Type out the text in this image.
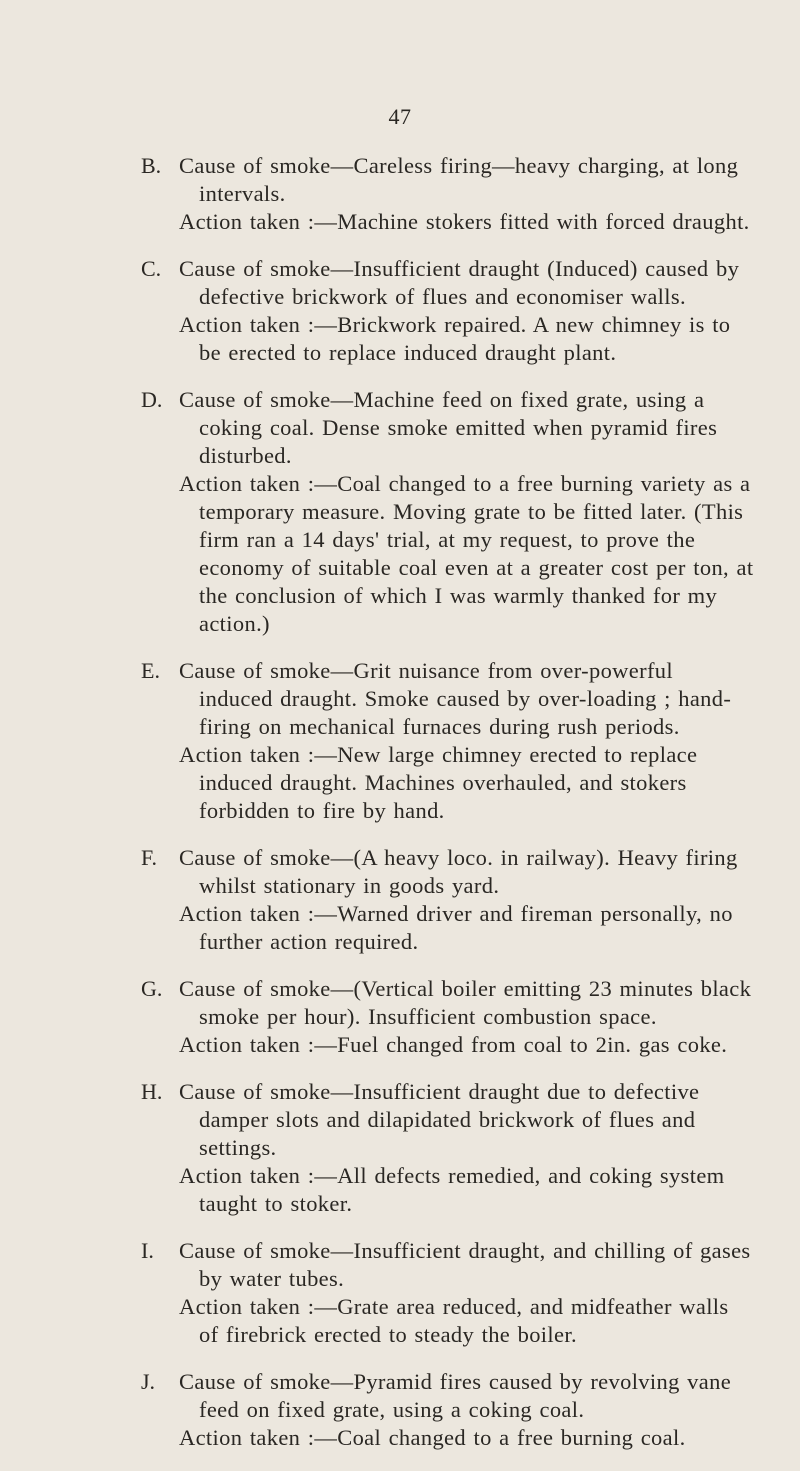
47
B. Cause of smoke—Careless firing—heavy charging, at long intervals.
Action taken :—Machine stokers fitted with forced draught.
C. Cause of smoke—Insufficient draught (Induced) caused by defective brickwork of flues and economiser walls.
Action taken :—Brickwork repaired. A new chimney is to be erected to replace induced draught plant.
D. Cause of smoke—Machine feed on fixed grate, using a coking coal. Dense smoke emitted when pyramid fires disturbed.
Action taken :—Coal changed to a free burning variety as a temporary measure. Moving grate to be fitted later. (This firm ran a 14 days' trial, at my request, to prove the economy of suitable coal even at a greater cost per ton, at the conclusion of which I was warmly thanked for my action.)
E. Cause of smoke—Grit nuisance from over-powerful induced draught. Smoke caused by over-loading ; hand-firing on mechanical furnaces during rush periods.
Action taken :—New large chimney erected to replace induced draught. Machines overhauled, and stokers forbidden to fire by hand.
F. Cause of smoke—(A heavy loco. in railway). Heavy firing whilst stationary in goods yard.
Action taken :—Warned driver and fireman personally, no further action required.
G. Cause of smoke—(Vertical boiler emitting 23 minutes black smoke per hour). Insufficient combustion space.
Action taken :—Fuel changed from coal to 2in. gas coke.
H. Cause of smoke—Insufficient draught due to defective damper slots and dilapidated brickwork of flues and settings.
Action taken :—All defects remedied, and coking system taught to stoker.
I. Cause of smoke—Insufficient draught, and chilling of gases by water tubes.
Action taken :—Grate area reduced, and midfeather walls of firebrick erected to steady the boiler.
J. Cause of smoke—Pyramid fires caused by revolving vane feed on fixed grate, using a coking coal.
Action taken :—Coal changed to a free burning coal.
